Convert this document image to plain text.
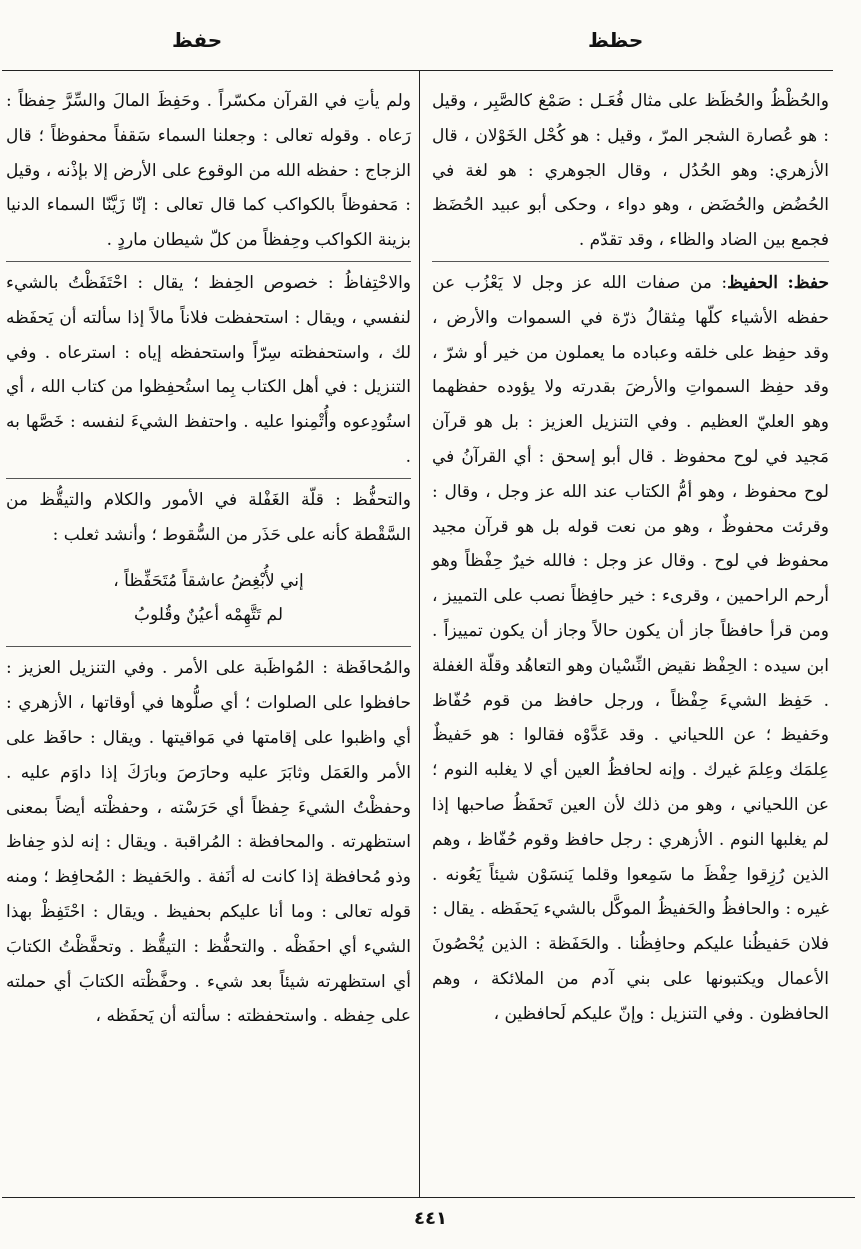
حظظ
حفظ

والحُظْظُ والحُظَظ على مثال فُعَـل : صَمْغ كالصَّبِر ، وقيل : هو عُصارة الشجر المرّ ، وقيل : هو كُحْل الخَوْلان ، قال الأزهري: وهو الحُدُل ، وقال الجوهري : هو لغة في الحُضُض والحُضَض ، وهو دواء ، وحكى أبو عبيد الحُضَظ فجمع بين الضاد والظاء ، وقد تقدّم .

حفظ: الحفيظ: من صفات الله عز وجل لا يَعْزُب عن حفظه الأشياء كلّها مِثقالُ ذرّة في السموات والأرض ، وقد حفِظ على خلقه وعباده ما يعملون من خير أو شرّ ، وقد حفِظ السمواتِ والأرضَ بقدرته ولا يؤوده حفظهما وهو العليّ العظيم . وفي التنزيل العزيز : بل هو قرآن مَجيد في لوح محفوظ . قال أبو إسحق : أي القرآنُ في لوح محفوظ ، وهو أمُّ الكتاب عند الله عز وجل ، وقال : وقرئت محفوظٌ ، وهو من نعت قوله بل هو قرآن مجيد محفوظ في لوح . وقال عز وجل : فالله خيرٌ حِفْظاً وهو أرحم الراحمين ، وقرىء : خير حافِظاً نصب على التمييز ، ومن قرأ حافظاً جاز أن يكون حالاً وجاز أن يكون تمييزاً . ابن سيده : الحِفْظ نقيض النِّسْيان وهو التعاهُد وقلّة الغفلة . حَفِظ الشيءَ حِفْظاً ، ورجل حافظ من قوم حُفّاظ وحَفيظ ؛ عن اللحياني . وقد عَدَّوْه فقالوا : هو حَفيظٌ عِلمَك وعِلمَ غيرك . وإنه لحافظُ العين أي لا يغلبه النوم ؛ عن اللحياني ، وهو من ذلك لأن العين تَحفَظُ صاحبها إذا لم يغلبها النوم . الأزهري : رجل حافظ وقوم حُفّاظ ، وهم الذين رُزِقوا حِفْظَ ما سَمِعوا وقلما يَنسَوْن شيئاً يَعُونه . غيره : والحافظُ والحَفيظُ الموكَّل بالشيء يَحفَظه . يقال : فلان حَفيظُنا عليكم وحافِظُنا . والحَفَظة : الذين يُحْصُونَ الأعمال ويكتبونها على بني آدم من الملائكة ، وهم الحافظون . وفي التنزيل : وإنّ عليكم لَحافظين ،

ولم يأتِ في القرآن مكسّراً . وحَفِظَ المالَ والسِّرَّ حِفظاً : رَعاه . وقوله تعالى : وجعلنا السماء سَقفاً محفوظاً ؛ قال الزجاج : حفظه الله من الوقوع على الأرض إلا بإذْنه ، وقيل : مَحفوظاً بالكواكب كما قال تعالى : إنّا زَيَّنّا السماء الدنيا بزينة الكواكب وحِفظاً من كلّ شيطان ماردٍ .

والاحْتِفاظُ : خصوص الحِفظ ؛ يقال : احْتَفَظْتُ بالشيء لنفسي ، ويقال : استحفظت فلاناً مالاً إذا سألته أن يَحفَظه لك ، واستحفظته سِرّاً واستحفظه إياه : استرعاه . وفي التنزيل : في أهل الكتاب بِما استُحفِظوا من كتاب الله ، أي استُودِعوه وأُتْمِنوا عليه . واحتفظ الشيءَ لنفسه : خَصَّها به .

والتحفُّظ : قلّة الغَفْلة في الأمور والكلام والتيقُّظ من السَّقْطة كأنه على حَذَر من السُّقوط ؛ وأنشد ثعلب :

إني لأُبْغِضُ عاشقاً مُتَحَفِّظاً ،
لم تَتَّهِمْه أعيُنٌ وقُلوبُ

والمُحافَظة : المُواظَبة على الأمر . وفي التنزيل العزيز : حافظوا على الصلوات ؛ أي صلُّوها في أوقاتها ، الأزهري : أي واظبوا على إقامتها في مَواقيتها . ويقال : حافَظ على الأمر والعَمَل وثابَرَ عليه وحارَصَ وبارَكَ إذا داوَم عليه . وحفظْتُ الشيءَ حِفظاً أي حَرَسْته ، وحفظْته أيضاً بمعنى استظهرته . والمحافظة : المُراقبة . ويقال : إنه لذو حِفاظ وذو مُحافظة إذا كانت له أنَفة . والحَفيظ : المُحافِظ ؛ ومنه قوله تعالى : وما أنا عليكم بحفيظ . ويقال : احْتَفِظْ بهذا الشيء أي احفَظْه . والتحفُّظ : التيقُّظ . وتحفَّظْتُ الكتابَ أي استظهرته شيئاً بعد شيء . وحفَّظْته الكتابَ أي حملته على حِفظه . واستحفظته : سألته أن يَحفَظه ،

٤٤١
